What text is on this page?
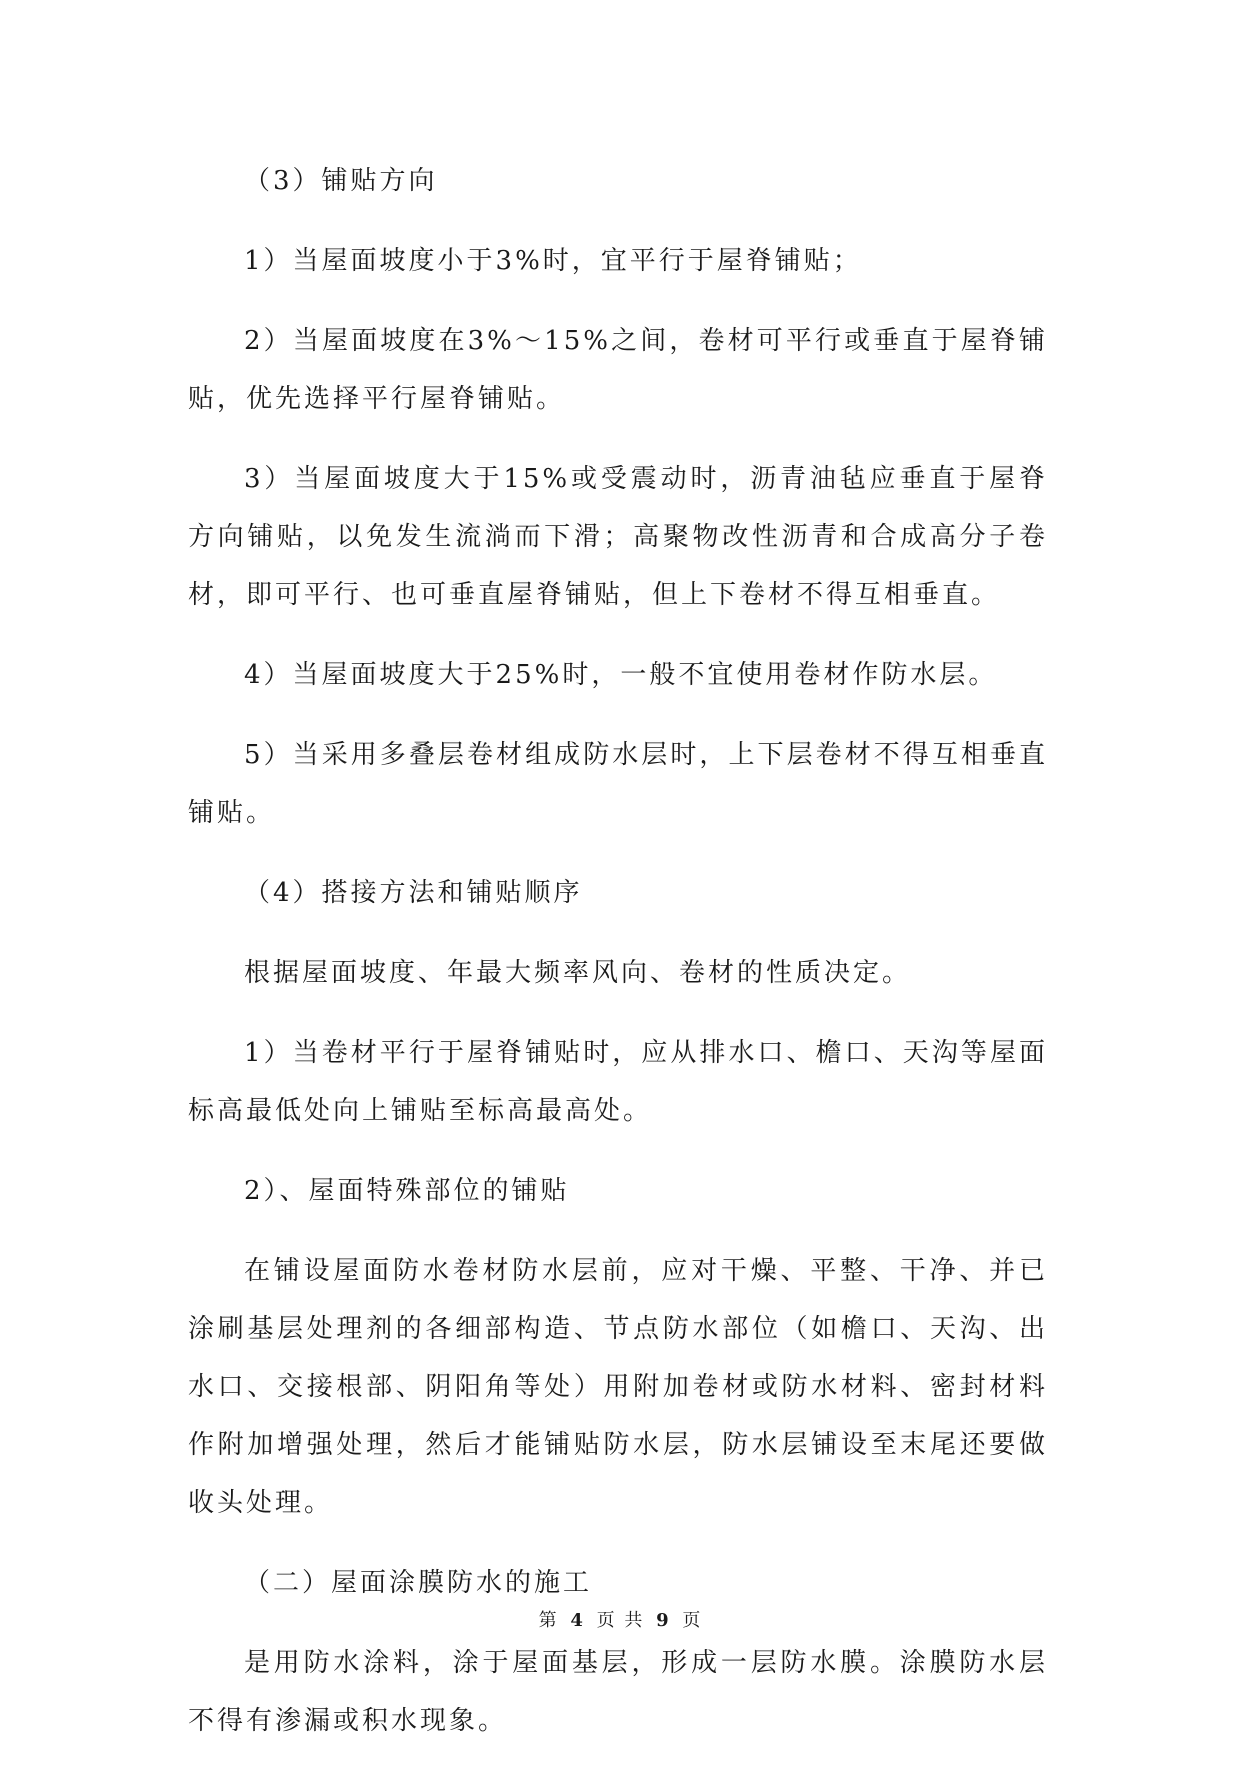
（3）铺贴方向

1）当屋面坡度小于3%时，宜平行于屋脊铺贴；

2）当屋面坡度在3%～15%之间，卷材可平行或垂直于屋脊铺贴，优先选择平行屋脊铺贴。

3）当屋面坡度大于15%或受震动时，沥青油毡应垂直于屋脊方向铺贴，以免发生流淌而下滑；高聚物改性沥青和合成高分子卷材，即可平行、也可垂直屋脊铺贴，但上下卷材不得互相垂直。

4）当屋面坡度大于25%时，一般不宜使用卷材作防水层。

5）当采用多叠层卷材组成防水层时，上下层卷材不得互相垂直铺贴。

（4）搭接方法和铺贴顺序

根据屋面坡度、年最大频率风向、卷材的性质决定。

1）当卷材平行于屋脊铺贴时，应从排水口、檐口、天沟等屋面标高最低处向上铺贴至标高最高处。

2）、屋面特殊部位的铺贴

在铺设屋面防水卷材防水层前，应对干燥、平整、干净、并已涂刷基层处理剂的各细部构造、节点防水部位（如檐口、天沟、出水口、交接根部、阴阳角等处）用附加卷材或防水材料、密封材料作附加增强处理，然后才能铺贴防水层，防水层铺设至末尾还要做收头处理。

（二）屋面涂膜防水的施工

是用防水涂料，涂于屋面基层，形成一层防水膜。涂膜防水层不得有渗漏或积水现象。

第 4 页 共 9 页
